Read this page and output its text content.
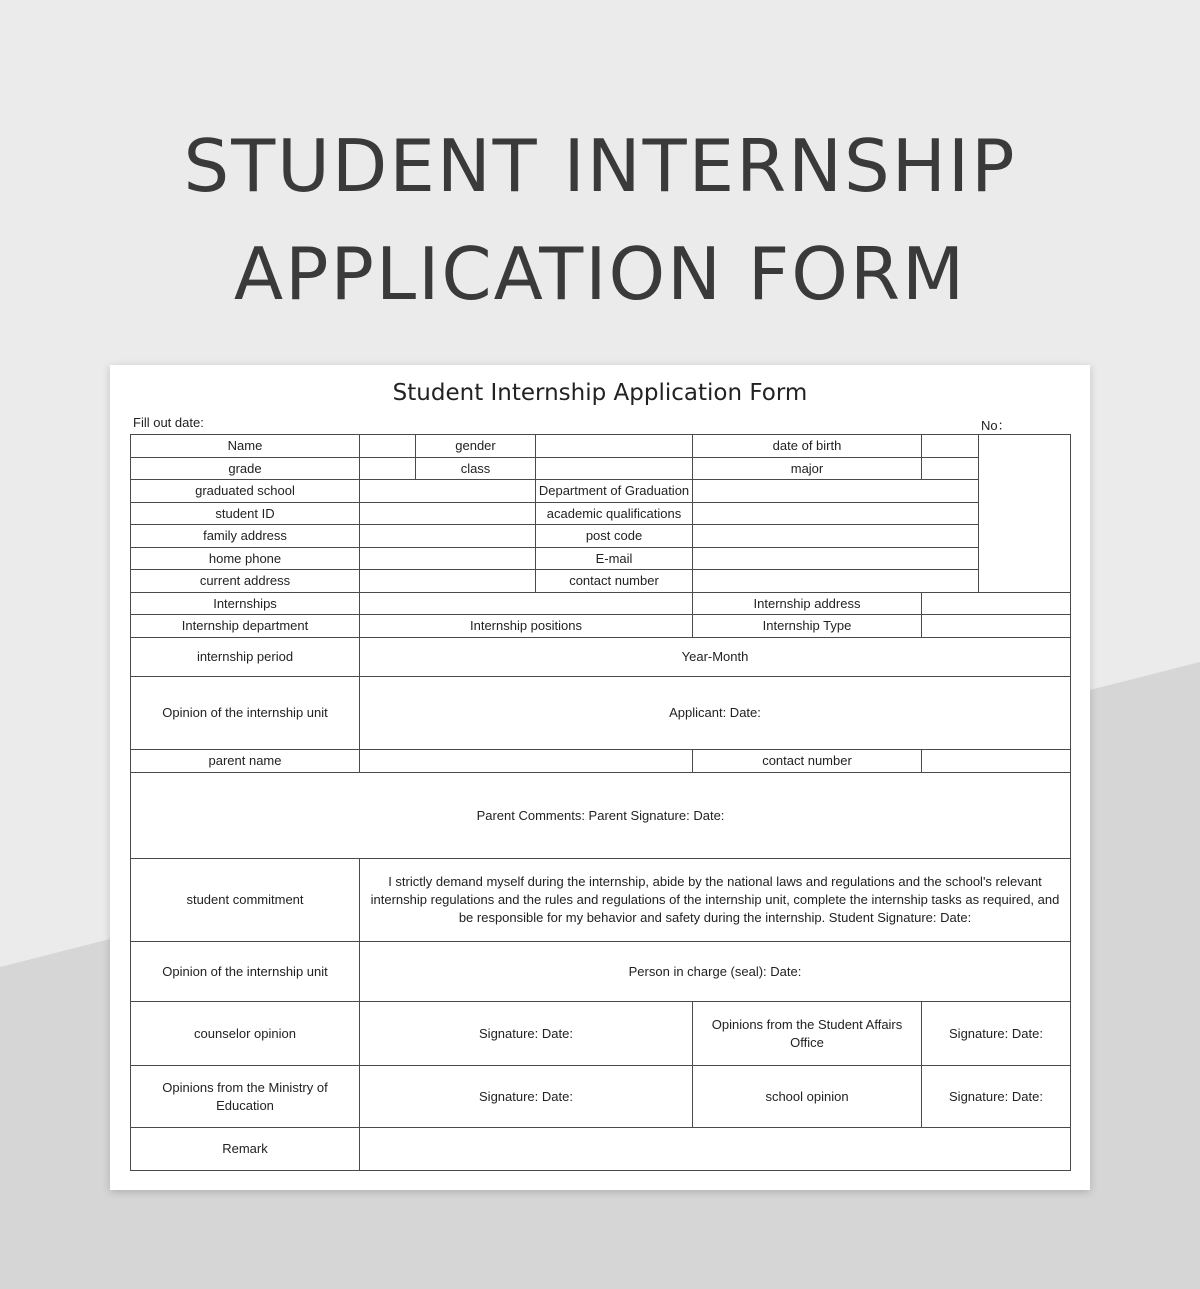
STUDENT INTERNSHIP
APPLICATION FORM
Student Internship Application Form
Fill out date:	No：
Name		gender		date of birth		
grade		class		major		
graduated school			Department of Graduation			
student ID			academic qualifications			
family address			post code			
home phone			E-mail			
current address			contact number			
Internships				Internship address		
Internship department	Internship positions			Internship Type		
internship period	Year-Month					
Opinion of the internship unit	Applicant: Date:					
parent name				contact number		
Parent Comments: Parent Signature: Date:						
student commitment	I strictly demand myself during the internship, abide by the national laws and regulations and the school's relevant internship regulations and the rules and regulations of the internship unit, complete the internship tasks as required, and be responsible for my behavior and safety during the internship. Student Signature: Date:					
Opinion of the internship unit	Person in charge (seal): Date:					
counselor opinion	Signature: Date:			Opinions from the Student Affairs Office	Signature: Date:	
Opinions from the Ministry of Education	Signature: Date:			school opinion	Signature: Date:	
Remark						
